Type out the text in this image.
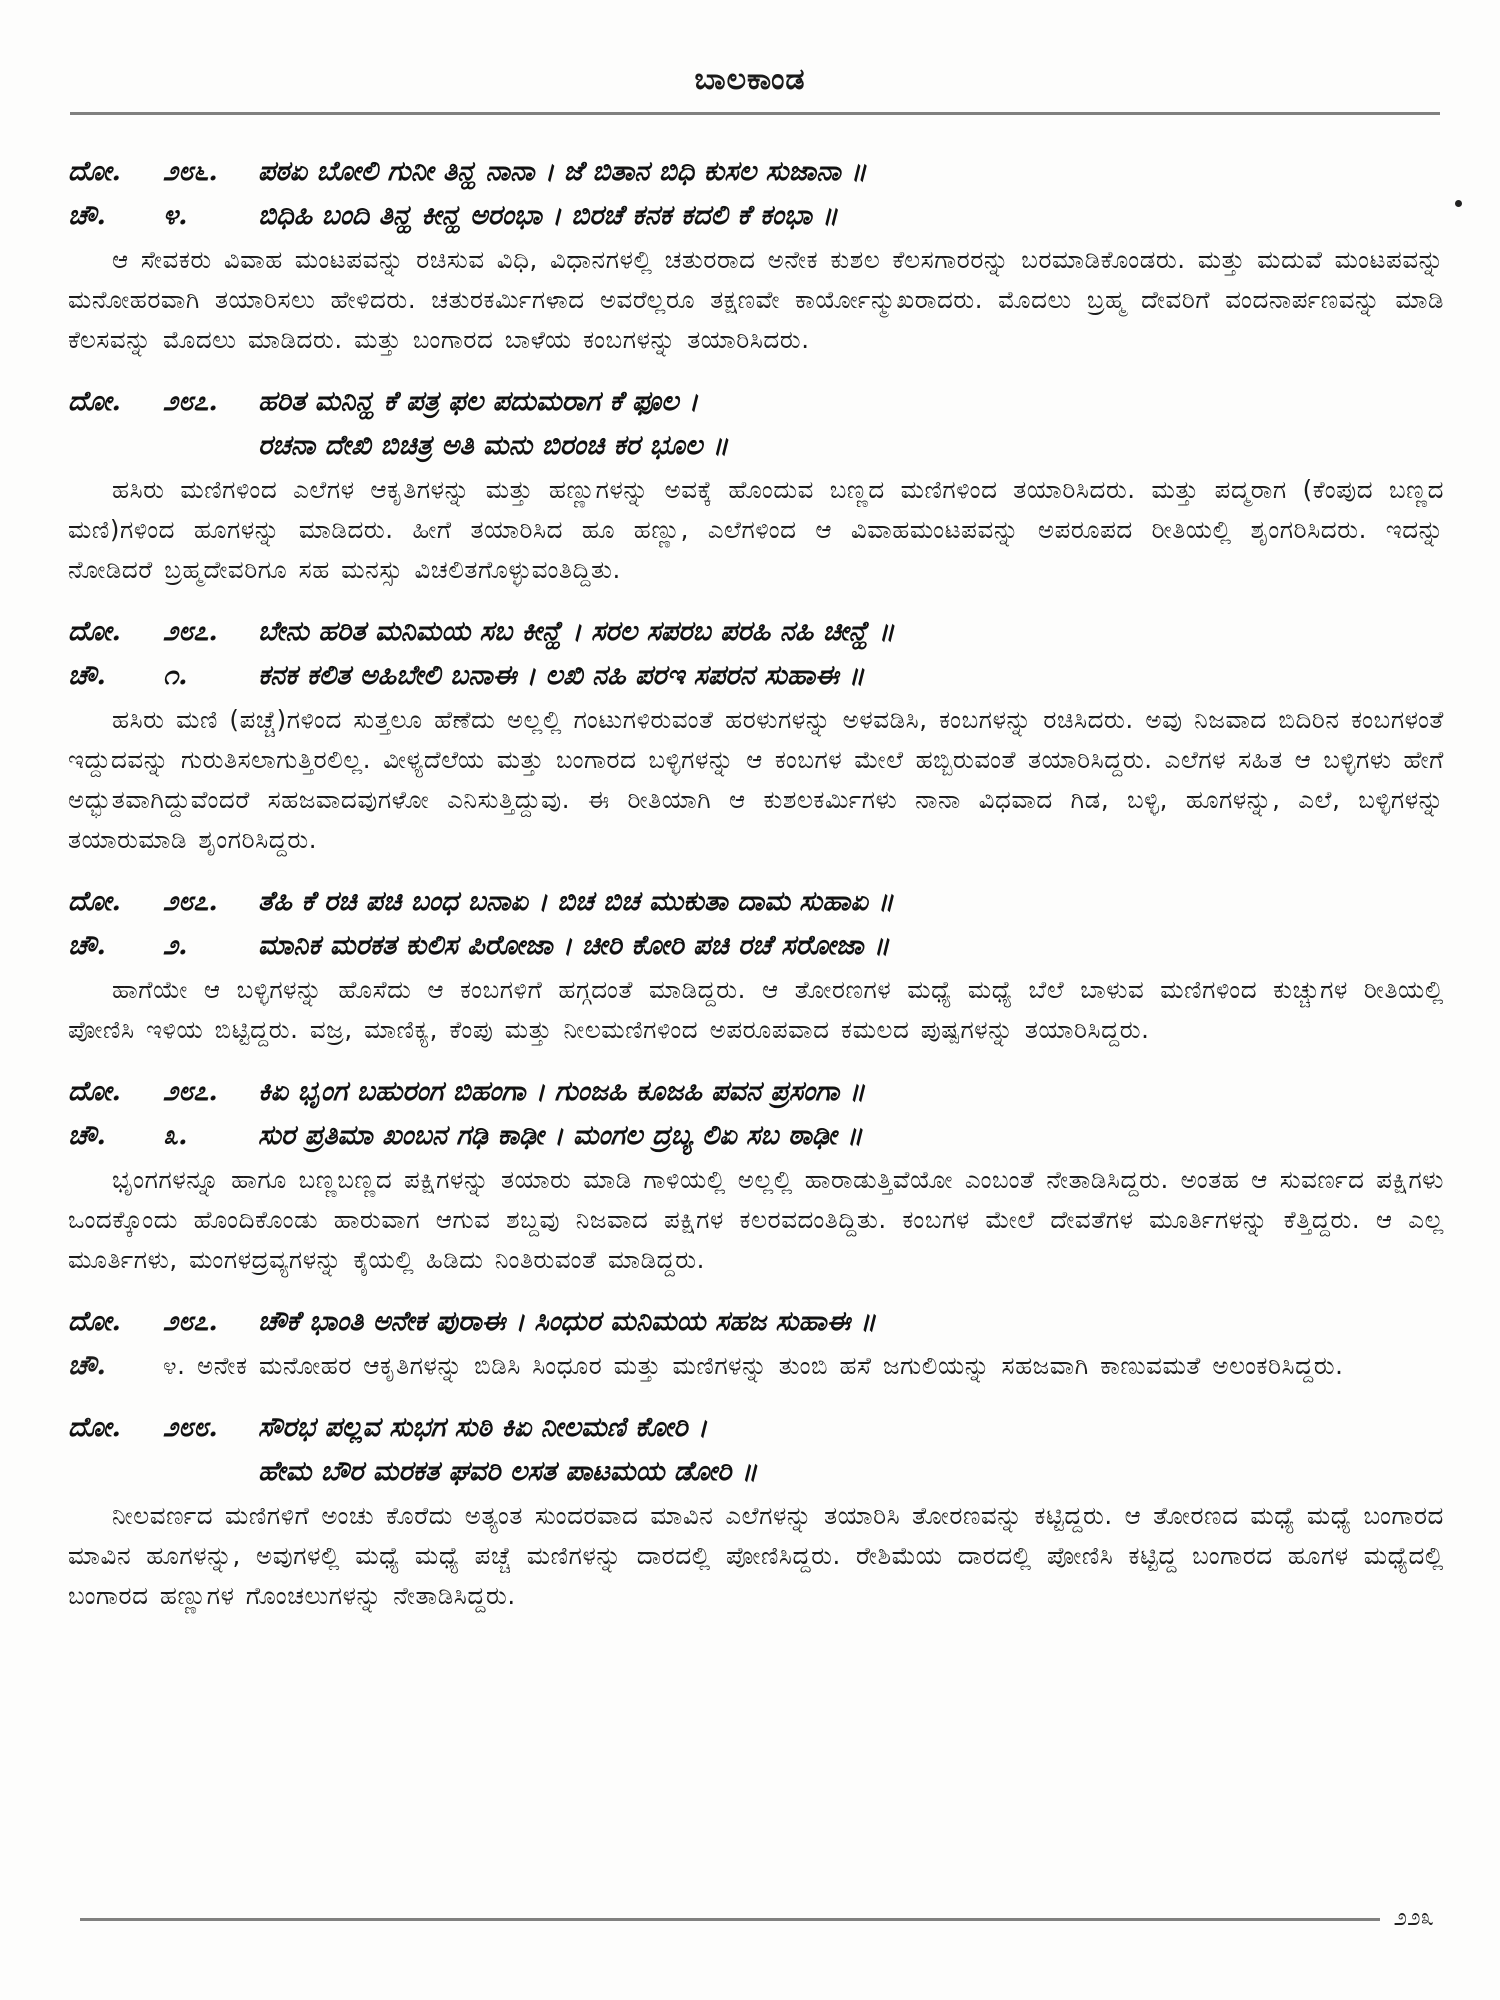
ಬಾಲಕಾಂಡ
ದೋ.	೨೮೬.	ಪಠಏ ಬೋಲಿ ಗುನೀ ತಿನ್ಹ ನಾನಾ । ಜೆ ಬಿತಾನ ಬಿಧಿ ಕುಸಲ ಸುಜಾನಾ ॥
ಚೌ.	೪.	ಬಿಧಿಹಿ ಬಂದಿ ತಿನ್ಹ ಕೀನ್ಹ ಅರಂಭಾ । ಬಿರಚೆ ಕನಕ ಕದಲಿ ಕೆ ಕಂಭಾ ॥

ಆ ಸೇವಕರು ವಿವಾಹ ಮಂಟಪವನ್ನು ರಚಿಸುವ ವಿಧಿ, ವಿಧಾನಗಳಲ್ಲಿ ಚತುರರಾದ ಅನೇಕ ಕುಶಲ ಕೆಲಸಗಾರರನ್ನು ಬರಮಾಡಿಕೊಂಡರು. ಮತ್ತು ಮದುವೆ ಮಂಟಪವನ್ನು ಮನೋಹರವಾಗಿ ತಯಾರಿಸಲು ಹೇಳಿದರು. ಚತುರಕರ್ಮಿಗಳಾದ ಅವರೆಲ್ಲರೂ ತಕ್ಷಣವೇ ಕಾರ್ಯೋನ್ಮುಖರಾದರು. ಮೊದಲು ಬ್ರಹ್ಮ ದೇವರಿಗೆ ವಂದನಾರ್ಪಣವನ್ನು ಮಾಡಿ ಕೆಲಸವನ್ನು ಮೊದಲು ಮಾಡಿದರು. ಮತ್ತು ಬಂಗಾರದ ಬಾಳೆಯ ಕಂಬಗಳನ್ನು ತಯಾರಿಸಿದರು.

ದೋ.	೨೮೭.	ಹರಿತ ಮನಿನ್ಹ ಕೆ ಪತ್ರ ಫಲ ಪದುಮರಾಗ ಕೆ ಫೂಲ ।
ರಚನಾ ದೇಖಿ ಬಿಚಿತ್ರ ಅತಿ ಮನು ಬಿರಂಚಿ ಕರ ಭೂಲ ॥

ಹಸಿರು ಮಣಿಗಳಿಂದ ಎಲೆಗಳ ಆಕೃತಿಗಳನ್ನು ಮತ್ತು ಹಣ್ಣುಗಳನ್ನು ಅವಕ್ಕೆ ಹೊಂದುವ ಬಣ್ಣದ ಮಣಿಗಳಿಂದ ತಯಾರಿಸಿದರು. ಮತ್ತು ಪದ್ಮರಾಗ (ಕೆಂಪುದ ಬಣ್ಣದ ಮಣಿ)ಗಳಿಂದ ಹೂಗಳನ್ನು ಮಾಡಿದರು. ಹೀಗೆ ತಯಾರಿಸಿದ ಹೂ ಹಣ್ಣು, ಎಲೆಗಳಿಂದ ಆ ವಿವಾಹಮಂಟಪವನ್ನು ಅಪರೂಪದ ರೀತಿಯಲ್ಲಿ ಶೃಂಗರಿಸಿದರು. ಇದನ್ನು ನೋಡಿದರೆ ಬ್ರಹ್ಮದೇವರಿಗೂ ಸಹ ಮನಸ್ಸು ವಿಚಲಿತಗೊಳ್ಳುವಂತಿದ್ದಿತು.

ದೋ.	೨೮೭.	ಬೇನು ಹರಿತ ಮನಿಮಯ ಸಬ ಕೀನ್ಹೆ । ಸರಲ ಸಪರಬ ಪರಹಿ ನಹಿ ಚೀನ್ಹೆ ॥
ಚೌ.	೧.	ಕನಕ ಕಲಿತ ಅಹಿಬೇಲಿ ಬನಾಈ । ಲಖಿ ನಹಿ ಪರಇ ಸಪರನ ಸುಹಾಈ ॥

ಹಸಿರು ಮಣಿ (ಪಚ್ಚೆ)ಗಳಿಂದ ಸುತ್ತಲೂ ಹೆಣೆದು ಅಲ್ಲಲ್ಲಿ ಗಂಟುಗಳಿರುವಂತೆ ಹರಳುಗಳನ್ನು ಅಳವಡಿಸಿ, ಕಂಬಗಳನ್ನು ರಚಿಸಿದರು. ಅವು ನಿಜವಾದ ಬಿದಿರಿನ ಕಂಬಗಳಂತೆ ಇದ್ದುದವನ್ನು ಗುರುತಿಸಲಾಗುತ್ತಿರಲಿಲ್ಲ. ವೀಳ್ಯದೆಲೆಯ ಮತ್ತು ಬಂಗಾರದ ಬಳ್ಳಿಗಳನ್ನು ಆ ಕಂಬಗಳ ಮೇಲೆ ಹಬ್ಬಿರುವಂತೆ ತಯಾರಿಸಿದ್ದರು. ಎಲೆಗಳ ಸಹಿತ ಆ ಬಳ್ಳಿಗಳು ಹೇಗೆ ಅದ್ಭುತವಾಗಿದ್ದುವೆಂದರೆ ಸಹಜವಾದವುಗಳೋ ಎನಿಸುತ್ತಿದ್ದುವು. ಈ ರೀತಿಯಾಗಿ ಆ ಕುಶಲಕರ್ಮಿಗಳು ನಾನಾ ವಿಧವಾದ ಗಿಡ, ಬಳ್ಳಿ, ಹೂಗಳನ್ನು, ಎಲೆ, ಬಳ್ಳಿಗಳನ್ನು ತಯಾರುಮಾಡಿ ಶೃಂಗರಿಸಿದ್ದರು.

ದೋ.	೨೮೭.	ತೆಹಿ ಕೆ ರಚಿ ಪಚಿ ಬಂಧ ಬನಾಏ । ಬಿಚ ಬಿಚ ಮುಕುತಾ ದಾಮ ಸುಹಾಏ ॥
ಚೌ.	೨.	ಮಾನಿಕ ಮರಕತ ಕುಲಿಸ ಪಿರೋಜಾ । ಚೀರಿ ಕೋರಿ ಪಚಿ ರಚೆ ಸರೋಜಾ ॥

ಹಾಗೆಯೇ ಆ ಬಳ್ಳಿಗಳನ್ನು ಹೊಸೆದು ಆ ಕಂಬಗಳಿಗೆ ಹಗ್ಗದಂತೆ ಮಾಡಿದ್ದರು. ಆ ತೋರಣಗಳ ಮಧ್ಯೆ ಮಧ್ಯೆ ಬೆಲೆ ಬಾಳುವ ಮಣಿಗಳಿಂದ ಕುಚ್ಚುಗಳ ರೀತಿಯಲ್ಲಿ ಪೋಣಿಸಿ ಇಳಿಯ ಬಿಟ್ಟಿದ್ದರು. ವಜ್ರ, ಮಾಣಿಕ್ಯ, ಕೆಂಪು ಮತ್ತು ನೀಲಮಣಿಗಳಿಂದ ಅಪರೂಪವಾದ ಕಮಲದ ಪುಷ್ಪಗಳನ್ನು ತಯಾರಿಸಿದ್ದರು.

ದೋ.	೨೮೭.	ಕಿಏ ಭೃಂಗ ಬಹುರಂಗ ಬಿಹಂಗಾ । ಗುಂಜಹಿ ಕೂಜಹಿ ಪವನ ಪ್ರಸಂಗಾ ॥
ಚೌ.	೩.	ಸುರ ಪ್ರತಿಮಾ ಖಂಬನ ಗಢಿ ಕಾಢೀ । ಮಂಗಲ ದ್ರಬ್ಯ ಲಿಏ ಸಬ ಠಾಢೀ ॥

ಭೃಂಗಗಳನ್ನೂ ಹಾಗೂ ಬಣ್ಣಬಣ್ಣದ ಪಕ್ಷಿಗಳನ್ನು ತಯಾರು ಮಾಡಿ ಗಾಳಿಯಲ್ಲಿ ಅಲ್ಲಲ್ಲಿ ಹಾರಾಡುತ್ತಿವೆಯೋ ಎಂಬಂತೆ ನೇತಾಡಿಸಿದ್ದರು. ಅಂತಹ ಆ ಸುವರ್ಣದ ಪಕ್ಷಿಗಳು ಒಂದಕ್ಕೊಂದು ಹೊಂದಿಕೊಂಡು ಹಾರುವಾಗ ಆಗುವ ಶಬ್ದವು ನಿಜವಾದ ಪಕ್ಷಿಗಳ ಕಲರವದಂತಿದ್ದಿತು. ಕಂಬಗಳ ಮೇಲೆ ದೇವತೆಗಳ ಮೂರ್ತಿಗಳನ್ನು ಕೆತ್ತಿದ್ದರು. ಆ ಎಲ್ಲ ಮೂರ್ತಿಗಳು, ಮಂಗಳದ್ರವ್ಯಗಳನ್ನು ಕೈಯಲ್ಲಿ ಹಿಡಿದು ನಿಂತಿರುವಂತೆ ಮಾಡಿದ್ದರು.

ದೋ.	೨೮೭.	ಚೌಕೆ ಭಾಂತಿ ಅನೇಕ ಪುರಾಈ । ಸಿಂಧುರ ಮನಿಮಯ ಸಹಜ ಸುಹಾಈ ॥

ಚೌ. ೪. ಅನೇಕ ಮನೋಹರ ಆಕೃತಿಗಳನ್ನು ಬಿಡಿಸಿ ಸಿಂಧೂರ ಮತ್ತು ಮಣಿಗಳನ್ನು ತುಂಬಿ ಹಸೆ ಜಗುಲಿಯನ್ನು ಸಹಜವಾಗಿ ಕಾಣುವಮತೆ ಅಲಂಕರಿಸಿದ್ದರು.

ದೋ.	೨೮೮.	ಸೌರಭ ಪಲ್ಲವ ಸುಭಗ ಸುಠಿ ಕಿಏ ನೀಲಮಣಿ ಕೋರಿ ।
ಹೇಮ ಬೌರ ಮರಕತ ಘವರಿ ಲಸತ ಪಾಟಮಯ ಡೋರಿ ॥

ನೀಲವರ್ಣದ ಮಣಿಗಳಿಗೆ ಅಂಚು ಕೊರೆದು ಅತ್ಯಂತ ಸುಂದರವಾದ ಮಾವಿನ ಎಲೆಗಳನ್ನು ತಯಾರಿಸಿ ತೋರಣವನ್ನು ಕಟ್ಟಿದ್ದರು. ಆ ತೋರಣದ ಮಧ್ಯೆ ಮಧ್ಯೆ ಬಂಗಾರದ ಮಾವಿನ ಹೂಗಳನ್ನು, ಅವುಗಳಲ್ಲಿ ಮಧ್ಯೆ ಮಧ್ಯೆ ಪಚ್ಚೆ ಮಣಿಗಳನ್ನು ದಾರದಲ್ಲಿ ಪೋಣಿಸಿದ್ದರು. ರೇಶಿಮೆಯ ದಾರದಲ್ಲಿ ಪೋಣಿಸಿ ಕಟ್ಟಿದ್ದ ಬಂಗಾರದ ಹೂಗಳ ಮಧ್ಯೆದಲ್ಲಿ ಬಂಗಾರದ ಹಣ್ಣುಗಳ ಗೊಂಚಲುಗಳನ್ನು ನೇತಾಡಿಸಿದ್ದರು.

೨೨೩
